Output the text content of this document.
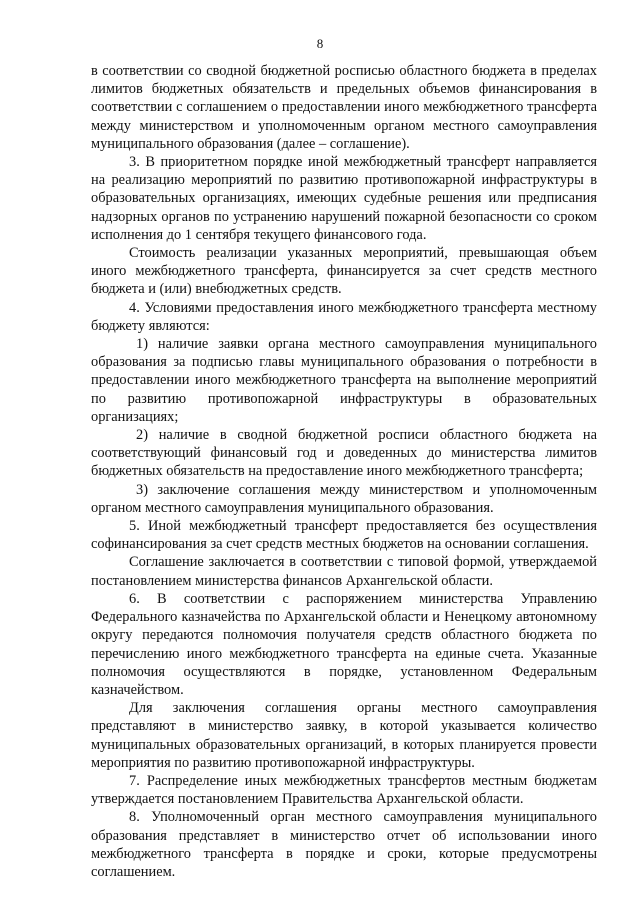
8

в соответствии со сводной бюджетной росписью областного бюджета в пределах лимитов бюджетных обязательств и предельных объемов финансирования в соответствии с соглашением о предоставлении иного межбюджетного трансферта между министерством и уполномоченным органом местного самоуправления муниципального образования (далее – соглашение).

3. В приоритетном порядке иной межбюджетный трансферт направляется на реализацию мероприятий по развитию противопожарной инфраструктуры в образовательных организациях, имеющих судебные решения или предписания надзорных органов по устранению нарушений пожарной безопасности со сроком исполнения до 1 сентября текущего финансового года.

Стоимость реализации указанных мероприятий, превышающая объем иного межбюджетного трансферта, финансируется за счет средств местного бюджета и (или) внебюджетных средств.

4. Условиями предоставления иного межбюджетного трансферта местному бюджету являются:

1) наличие заявки органа местного самоуправления муниципального образования за подписью главы муниципального образования о потребности в предоставлении иного межбюджетного трансферта на выполнение мероприятий по развитию противопожарной инфраструктуры в образовательных организациях;

2) наличие в сводной бюджетной росписи областного бюджета на соответствующий финансовый год и доведенных до министерства лимитов бюджетных обязательств на предоставление иного межбюджетного трансферта;

3) заключение соглашения между министерством и уполномоченным органом местного самоуправления муниципального образования.

5. Иной межбюджетный трансферт предоставляется без осуществления софинансирования за счет средств местных бюджетов на основании соглашения.

Соглашение заключается в соответствии с типовой формой, утверждаемой постановлением министерства финансов Архангельской области.

6. В соответствии с распоряжением министерства Управлению Федерального казначейства по Архангельской области и Ненецкому автономному округу передаются полномочия получателя средств областного бюджета по перечислению иного межбюджетного трансферта на единые счета. Указанные полномочия осуществляются в порядке, установленном Федеральным казначейством.

Для заключения соглашения органы местного самоуправления представляют в министерство заявку, в которой указывается количество муниципальных образовательных организаций, в которых планируется провести мероприятия по развитию противопожарной инфраструктуры.

7. Распределение иных межбюджетных трансфертов местным бюджетам утверждается постановлением Правительства Архангельской области.

8. Уполномоченный орган местного самоуправления муниципального образования представляет в министерство отчет об использовании иного межбюджетного трансферта в порядке и сроки, которые предусмотрены соглашением.
